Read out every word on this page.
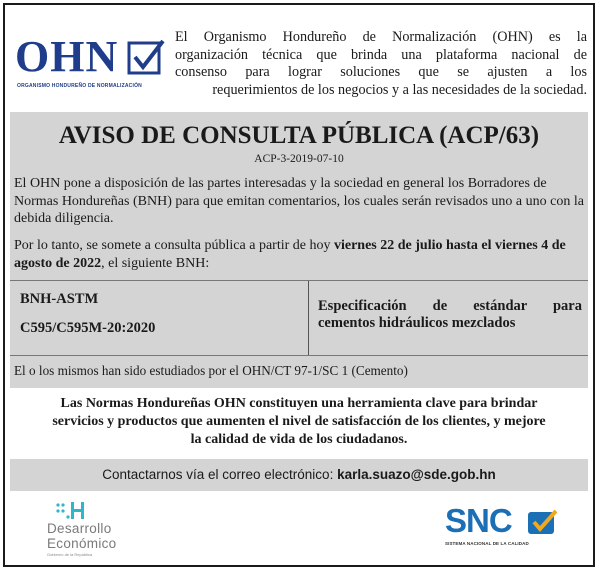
OHN
ORGANISMO HONDUREÑO DE NORMALIZACIÓN
El Organismo Hondureño de Normalización (OHN) es la
organización técnica que brinda una plataforma nacional de
consenso para lograr soluciones que se ajusten a los
requerimientos de los negocios y a las necesidades de la sociedad.
AVISO DE CONSULTA PÚBLICA (ACP/63)
ACP-3-2019-07-10
El OHN pone a disposición de las partes interesadas y la sociedad en general los Borradores de Normas Hondureñas (BNH) para que emitan comentarios, los cuales serán revisados uno a uno con la debida diligencia.
Por lo tanto, se somete a consulta pública a partir de hoy viernes 22 de julio hasta el viernes 4 de agosto de 2022, el siguiente BNH:
BNH-ASTM
C595/C595M-20:2020
Especificación de estándar para
cementos hidráulicos mezclados
El o los mismos han sido estudiados por el OHN/CT 97-1/SC 1 (Cemento)
Las Normas Hondureñas OHN constituyen una herramienta clave para brindar
servicios y productos que aumenten el nivel de satisfacción de los clientes, y mejore
la calidad de vida de los ciudadanos.
Contactarnos vía el correo electrónico: karla.suazo@sde.gob.hn
Desarrollo
Económico
Gobierno de la República
SNC
SISTEMA NACIONAL DE LA CALIDAD
